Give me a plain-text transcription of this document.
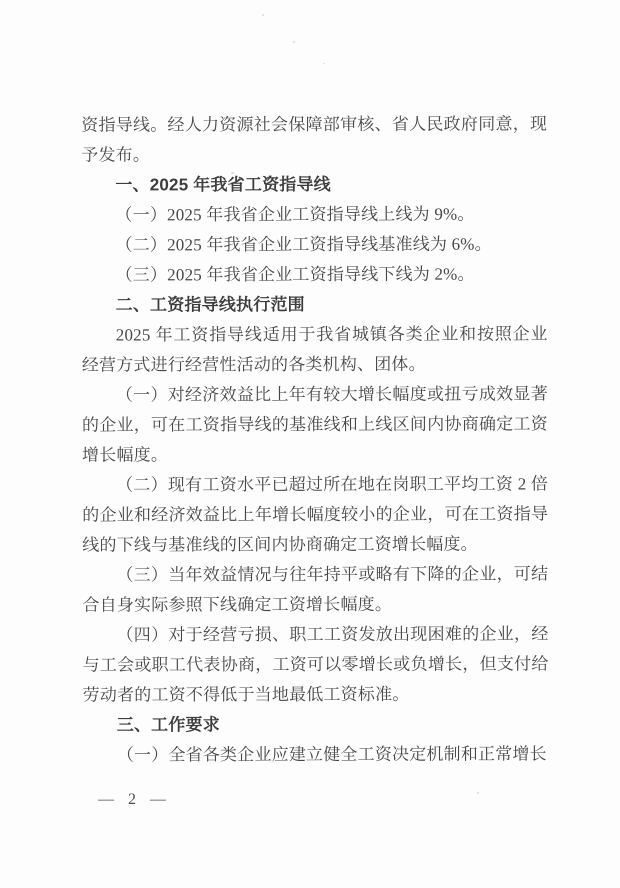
资指导线。经人力资源社会保障部审核、省人民政府同意，现予发布。

一、2025 年我省工资指导线

（一）2025 年我省企业工资指导线上线为 9%。

（二）2025 年我省企业工资指导线基准线为 6%。

（三）2025 年我省企业工资指导线下线为 2%。

二、工资指导线执行范围

2025 年工资指导线适用于我省城镇各类企业和按照企业经营方式进行经营性活动的各类机构、团体。

（一）对经济效益比上年有较大增长幅度或扭亏成效显著的企业，可在工资指导线的基准线和上线区间内协商确定工资增长幅度。

（二）现有工资水平已超过所在地在岗职工平均工资 2 倍的企业和经济效益比上年增长幅度较小的企业，可在工资指导线的下线与基准线的区间内协商确定工资增长幅度。

（三）当年效益情况与往年持平或略有下降的企业，可结合自身实际参照下线确定工资增长幅度。

（四）对于经营亏损、职工工资发放出现困难的企业，经与工会或职工代表协商，工资可以零增长或负增长，但支付给劳动者的工资不得低于当地最低工资标准。

三、工作要求

（一）全省各类企业应建立健全工资决定机制和正常增长

— 2 —
